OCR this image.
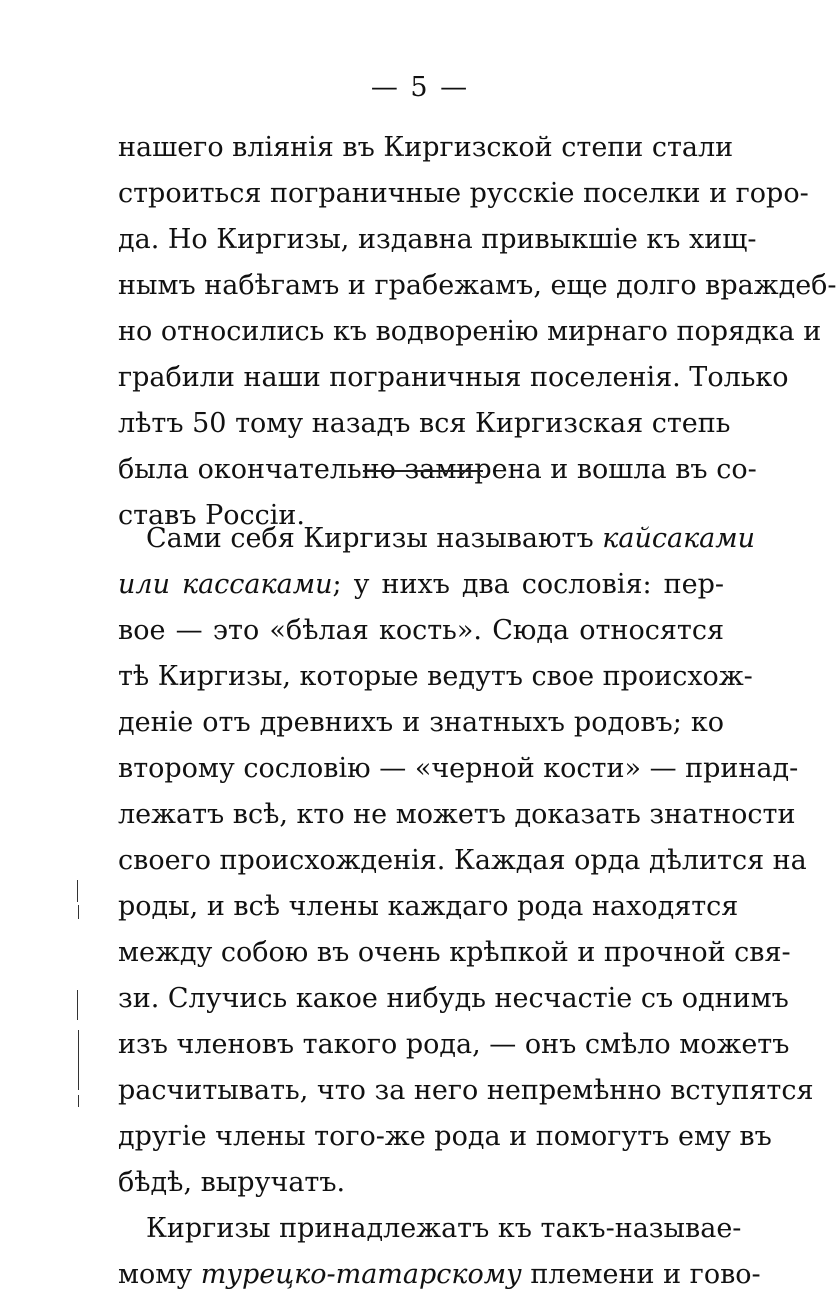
— 5 —
нашего влiянiя въ Киргизской степи стали
строиться пограничные русскiе поселки и горо-
да. Но Киргизы, издавна привыкшiе къ хищ-
нымъ набѣгамъ и грабежамъ, еще долго враждеб-
но относились къ водворенiю мирнаго порядка и
грабили наши пограничныя поселенiя. Только
лѣтъ 50 тому назадъ вся Киргизская степь
была окончательно замирена и вошла въ со-
ставъ Россiи.
Сами себя Киргизы называютъ кайсаками
или кассаками; у нихъ два сословiя: пер-
вое — это «бѣлая кость». Сюда относятся
тѣ Киргизы, которые ведутъ свое происхож-
денiе отъ древнихъ и знатныхъ родовъ; ко
второму сословiю — «черной кости» — принад-
лежатъ всѣ, кто не можетъ доказать знатности
своего происхожденiя. Каждая орда дѣлится на
роды, и всѣ члены каждаго рода находятся
между собою въ очень крѣпкой и прочной свя-
зи. Случись какое нибудь несчастiе съ однимъ
изъ членовъ такого рода, — онъ смѣло можетъ
расчитывать, что за него непремѣнно вступятся
другiе члены того-же рода и помогутъ ему въ
бѣдѣ, выручатъ.
Киргизы принадлежатъ къ такъ-называе-
мому турецко-татарскому племени и гово-
